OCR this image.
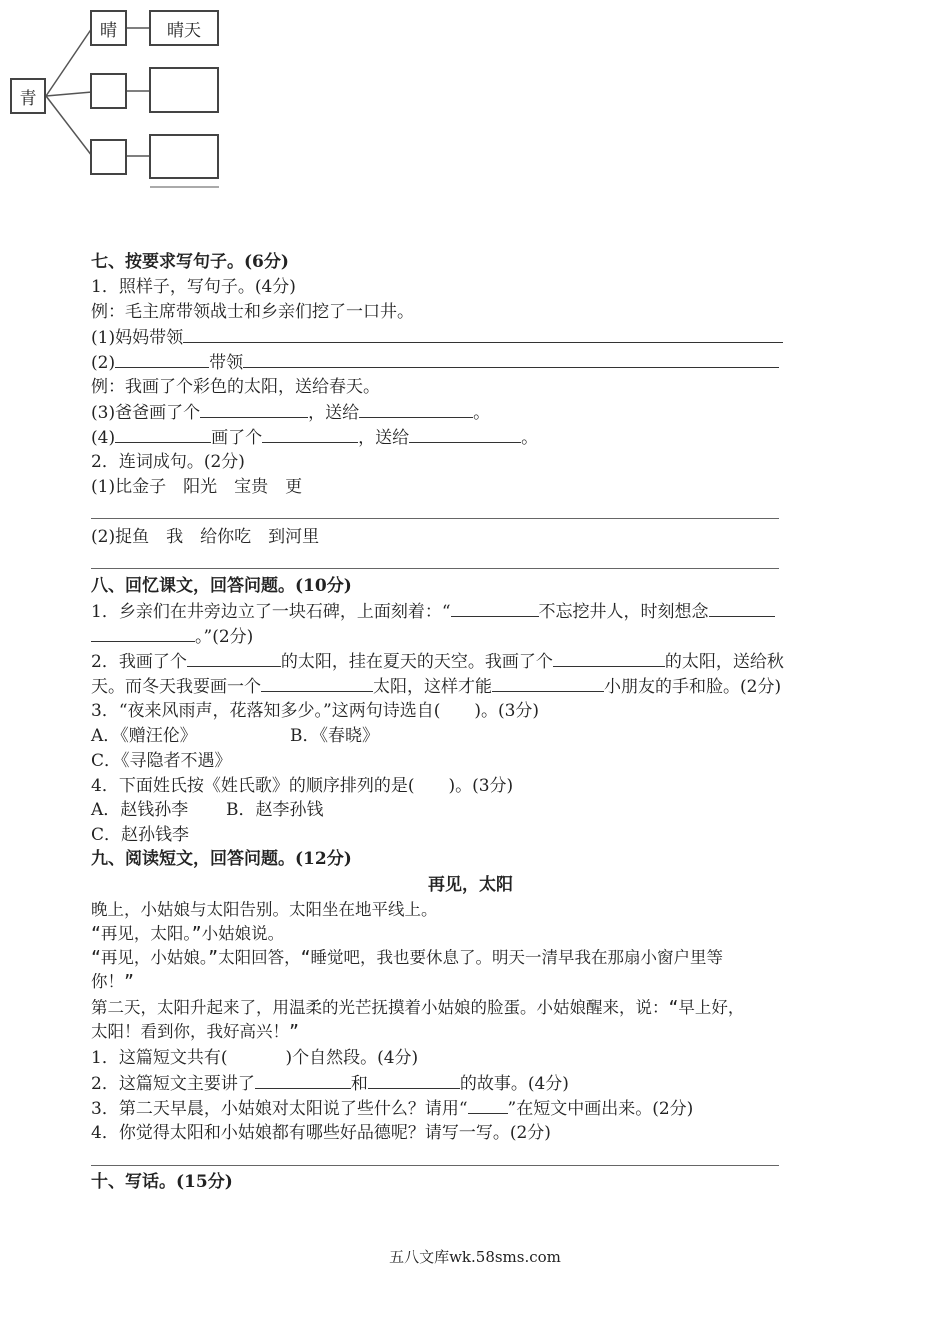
青
晴	晴天
七、按要求写句子。(6分)
1．照样子，写句子。(4分)
例：毛主席带领战士和乡亲们挖了一口井。
(1)妈妈带领
(2)	带领
例：我画了个彩色的太阳，送给春天。
(3)爸爸画了个	，送给	。
(4)	画了个	，送给	。
2．连词成句。(2分)
(1)比金子　阳光　宝贵　更
(2)捉鱼　我　给你吃　到河里
八、回忆课文，回答问题。(10分)
1．乡亲们在井旁边立了一块石碑，上面刻着：“	不忘挖井人，时刻想念
。”(2分)
2．我画了个	的太阳，挂在夏天的天空。我画了个	的太阳，送给秋
天。而冬天我要画一个	太阳，这样才能	小朋友的手和脸。(2分)
3．“夜来风雨声，花落知多少。”这两句诗选自(　　)。(3分)
A．《赠汪伦》	B．《春晓》
C．《寻隐者不遇》
4．下面姓氏按《姓氏歌》的顺序排列的是(　　)。(3分)
A．赵钱孙李 B．赵李孙钱
C．赵孙钱李
九、阅读短文，回答问题。(12分)
再见，太阳
晚上，小姑娘与太阳告别。太阳坐在地平线上。
“再见，太阳。”小姑娘说。
“再见，小姑娘。”太阳回答，“睡觉吧，我也要休息了。明天一清早我在那扇小窗户里等
你！”
第二天，太阳升起来了，用温柔的光芒抚摸着小姑娘的脸蛋。小姑娘醒来，说：“早上好，
太阳！看到你，我好高兴！”
1．这篇短文共有(	)个自然段。(4分)
2．这篇短文主要讲了	和	的故事。(4分)
3．第二天早晨，小姑娘对太阳说了些什么？请用“ ”在短文中画出来。(2分)
4．你觉得太阳和小姑娘都有哪些好品德呢？请写一写。(2分)
十、写话。(15分)
五八文库wk.58sms.com
